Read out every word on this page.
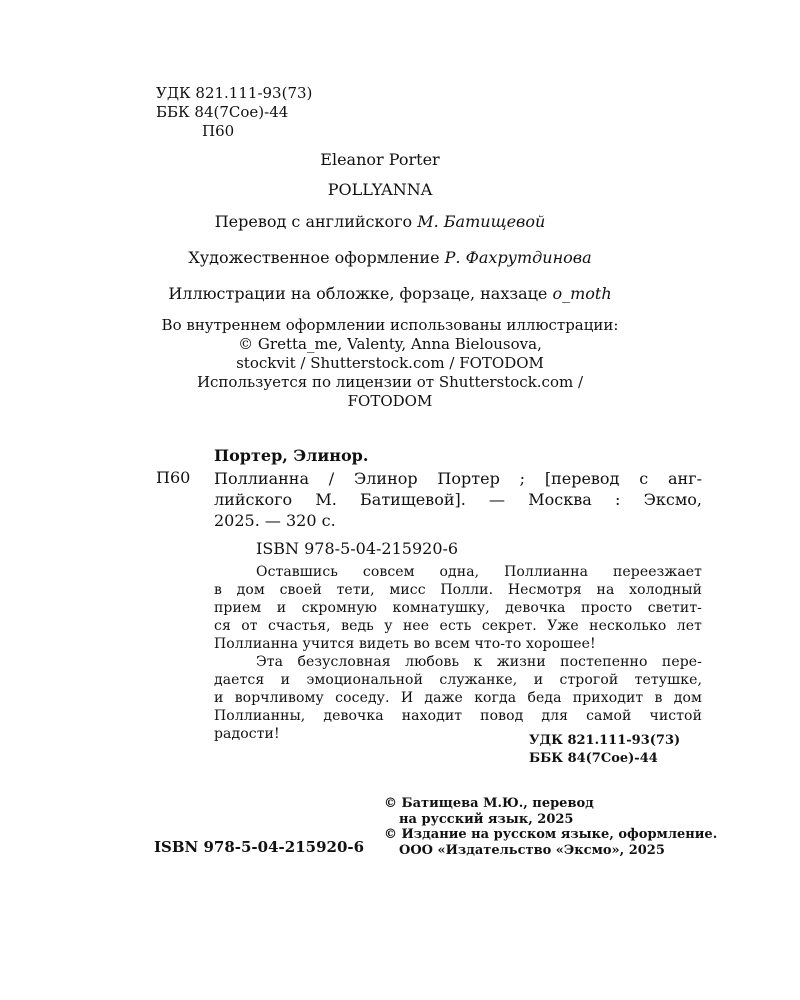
УДК 821.111-93(73)
ББК 84(7Сое)-44
П60
Eleanor Porter
POLLYANNA
Перевод с английского М. Батищевой
Художественное оформление Р. Фахрутдинова
Иллюстрации на обложке, форзаце, нахзаце o_moth
Во внутреннем оформлении использованы иллюстрации:
© Gretta_me, Valenty, Anna Bielousova,
stockvit / Shutterstock.com / FOTODOM
Используется по лицензии от Shutterstock.com /
FOTODOM
Портер, Элинор.
П60 Поллианна / Элинор Портер ; [перевод с анг-
лийского М. Батищевой]. — Москва : Эксмо,
2025. — 320 с.
ISBN 978-5-04-215920-6
Оставшись совсем одна, Поллианна переезжает
в дом своей тети, мисс Полли. Несмотря на холодный
прием и скромную комнатушку, девочка просто светит-
ся от счастья, ведь у нее есть секрет. Уже несколько лет
Поллианна учится видеть во всем что-то хорошее!
Эта безусловная любовь к жизни постепенно пере-
дается и эмоциональной служанке, и строгой тетушке,
и ворчливому соседу. И даже когда беда приходит в дом
Поллианны, девочка находит повод для самой чистой
радости!	УДК 821.111-93(73)
ББК 84(7Сое)-44
ISBN 978-5-04-215920-6
© Батищева М.Ю., перевод
на русский язык, 2025
© Издание на русском языке, оформление.
ООО «Издательство «Эксмо», 2025
